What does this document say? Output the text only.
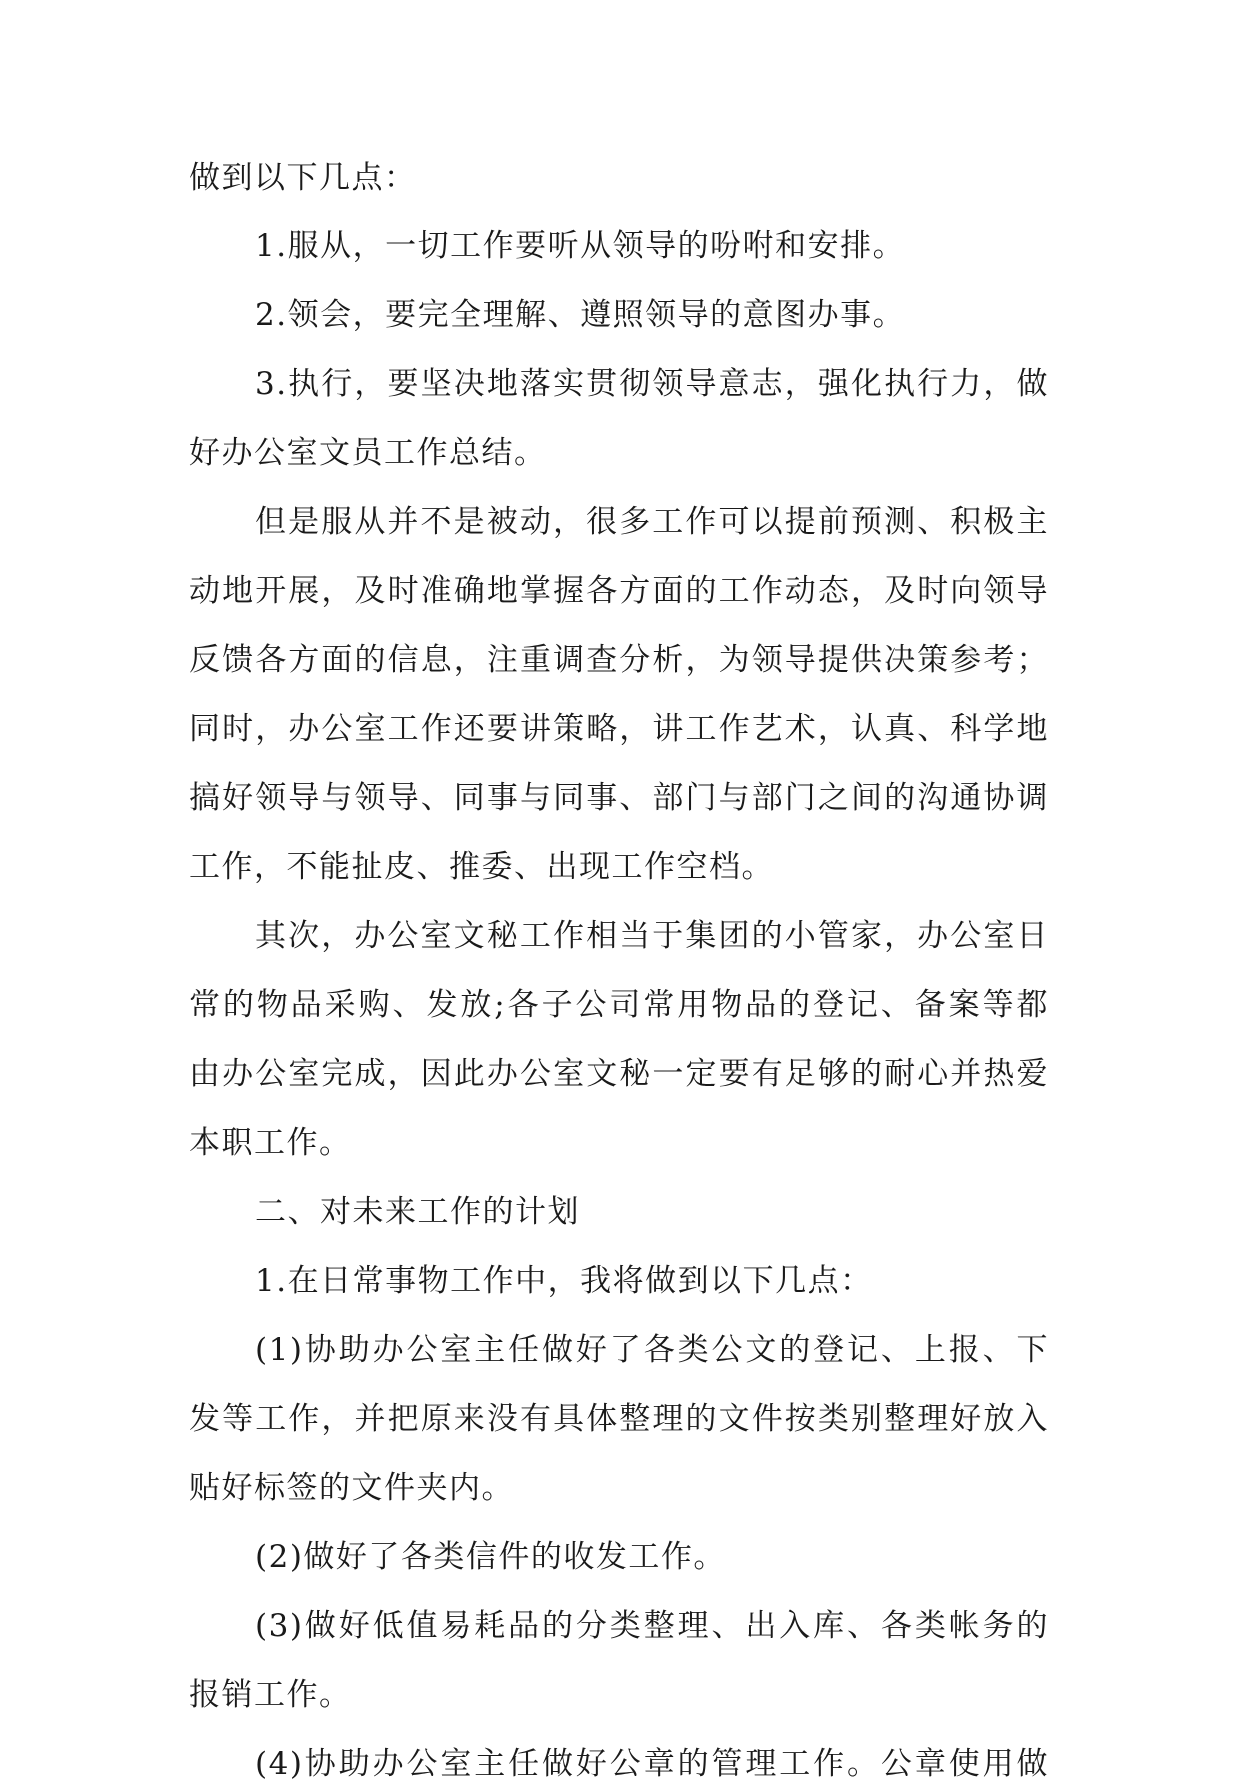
做到以下几点：
1.服从，一切工作要听从领导的吩咐和安排。
2.领会，要完全理解、遵照领导的意图办事。
3.执行，要坚决地落实贯彻领导意志，强化执行力，做
好办公室文员工作总结。
但是服从并不是被动，很多工作可以提前预测、积极主
动地开展，及时准确地掌握各方面的工作动态，及时向领导
反馈各方面的信息，注重调查分析，为领导提供决策参考；
同时，办公室工作还要讲策略，讲工作艺术，认真、科学地
搞好领导与领导、同事与同事、部门与部门之间的沟通协调
工作，不能扯皮、推委、出现工作空档。
其次，办公室文秘工作相当于集团的小管家，办公室日
常的物品采购、发放;各子公司常用物品的登记、备案等都
由办公室完成，因此办公室文秘一定要有足够的耐心并热爱
本职工作。
二、对未来工作的计划
1.在日常事物工作中，我将做到以下几点：
(1)协助办公室主任做好了各类公文的登记、上报、下
发等工作，并把原来没有具体整理的文件按类别整理好放入
贴好标签的文件夹内。
(2)做好了各类信件的收发工作。
(3)做好低值易耗品的分类整理、出入库、各类帐务的
报销工作。
(4)协助办公室主任做好公章的管理工作。公章使用做
